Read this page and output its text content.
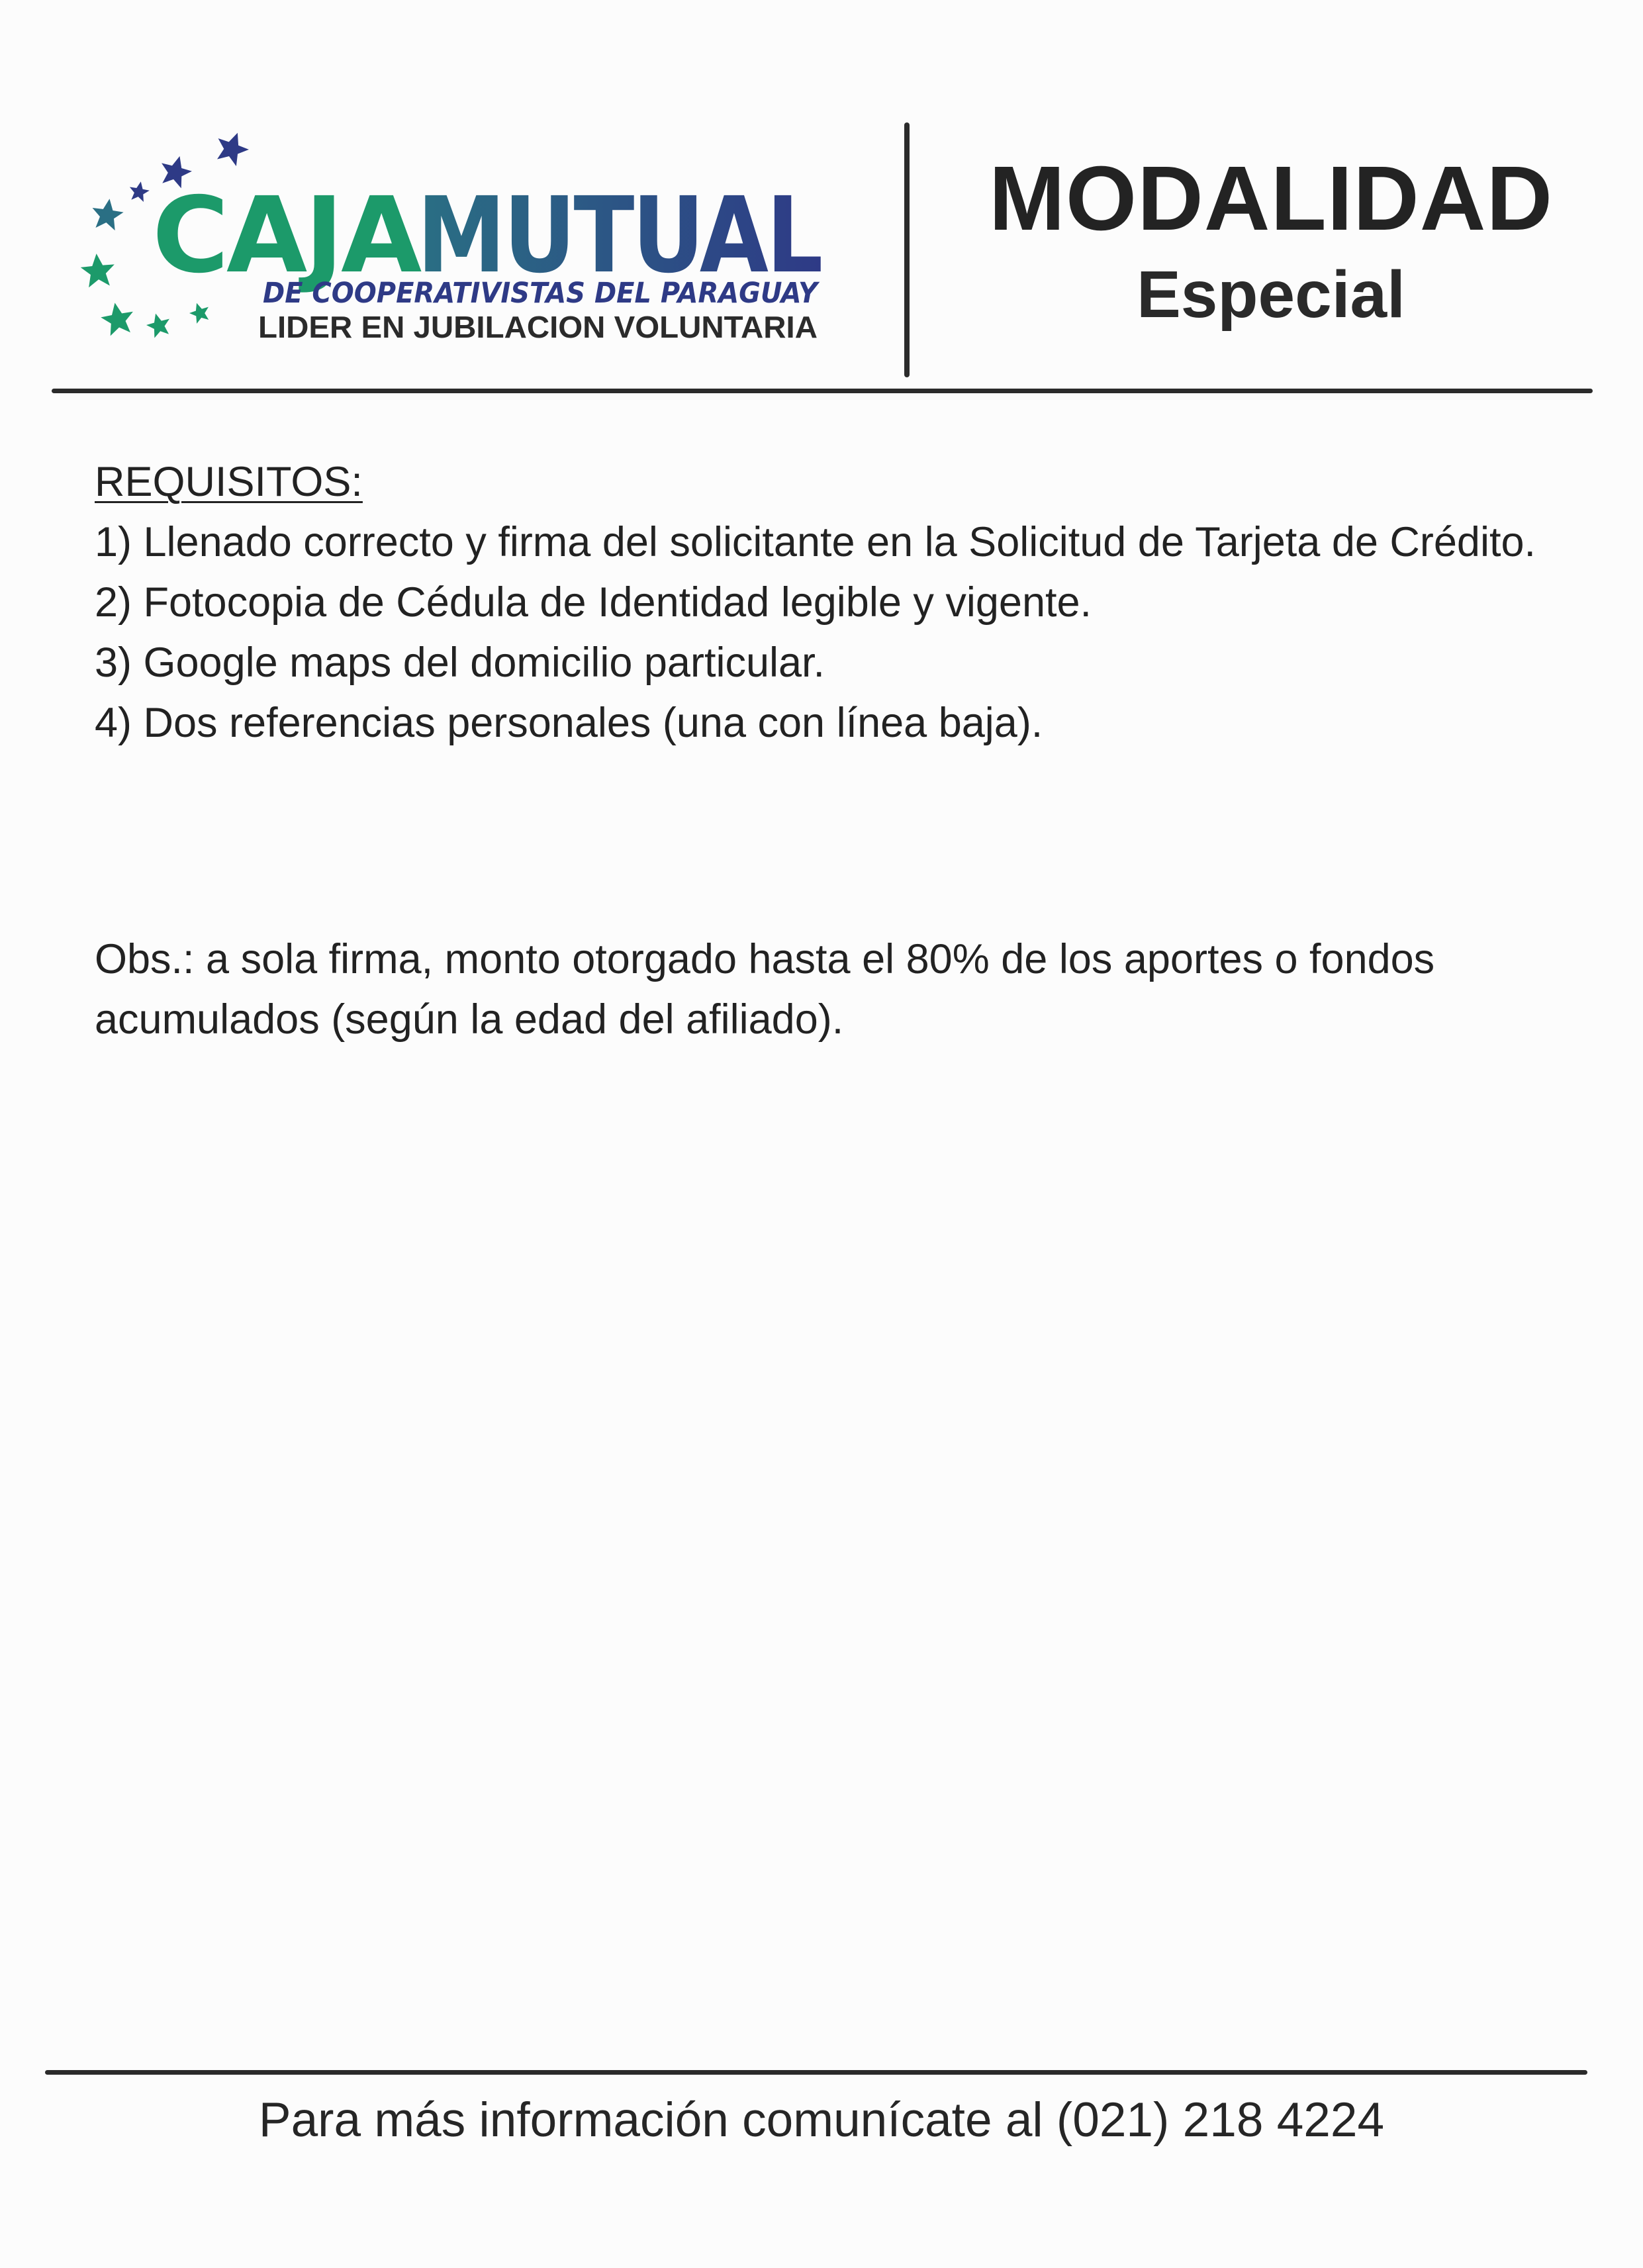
CAJA
MUTUAL
DE COOPERATIVISTAS DEL PARAGUAY
LIDER EN JUBILACION VOLUNTARIA
MODALIDAD
Especial
REQUISITOS:
1) Llenado correcto y firma del solicitante en la Solicitud de Tarjeta de Crédito.
2) Fotocopia de Cédula de Identidad legible y vigente.
3) Google maps del domicilio particular.
4) Dos referencias personales (una con línea baja).
Obs.: a sola firma, monto otorgado hasta el 80% de los aportes o fondos acumulados (según la edad del afiliado).
Para más información comunícate al (021) 218 4224
